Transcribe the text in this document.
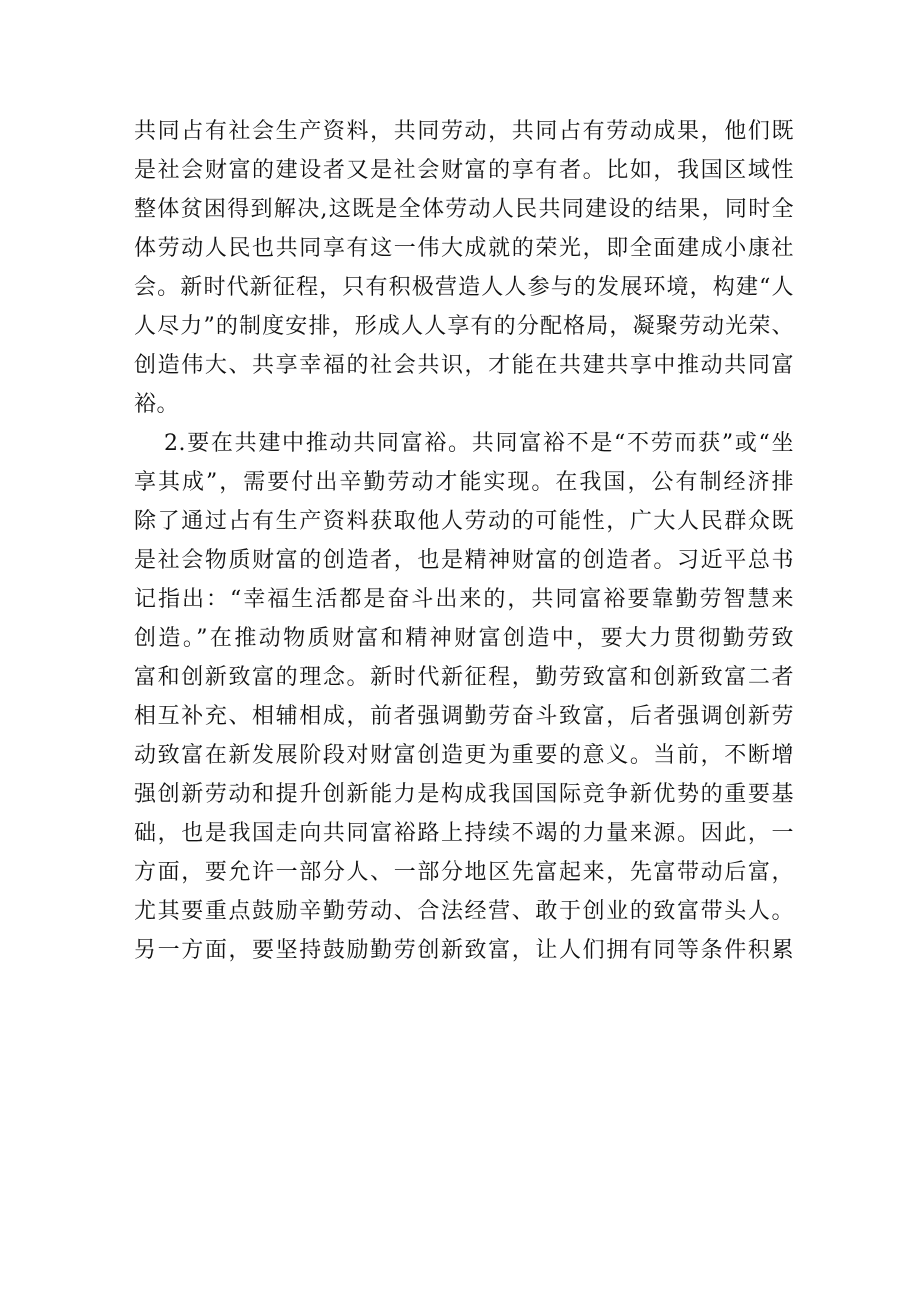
共同占有社会生产资料，共同劳动，共同占有劳动成果，他们既
是社会财富的建设者又是社会财富的享有者。比如，我国区域性
整体贫困得到解决,这既是全体劳动人民共同建设的结果，同时全
体劳动人民也共同享有这一伟大成就的荣光，即全面建成小康社
会。新时代新征程，只有积极营造人人参与的发展环境，构建“人
人尽力”的制度安排，形成人人享有的分配格局，凝聚劳动光荣、
创造伟大、共享幸福的社会共识，才能在共建共享中推动共同富
裕。
2.要在共建中推动共同富裕。共同富裕不是“不劳而获”或“坐
享其成”，需要付出辛勤劳动才能实现。在我国，公有制经济排
除了通过占有生产资料获取他人劳动的可能性，广大人民群众既
是社会物质财富的创造者，也是精神财富的创造者。习近平总书
记指出：“幸福生活都是奋斗出来的，共同富裕要靠勤劳智慧来
创造。”在推动物质财富和精神财富创造中，要大力贯彻勤劳致
富和创新致富的理念。新时代新征程，勤劳致富和创新致富二者
相互补充、相辅相成，前者强调勤劳奋斗致富，后者强调创新劳
动致富在新发展阶段对财富创造更为重要的意义。当前，不断增
强创新劳动和提升创新能力是构成我国国际竞争新优势的重要基
础，也是我国走向共同富裕路上持续不竭的力量来源。因此，一
方面，要允许一部分人、一部分地区先富起来，先富带动后富，
尤其要重点鼓励辛勤劳动、合法经营、敢于创业的致富带头人。
另一方面，要坚持鼓励勤劳创新致富，让人们拥有同等条件积累
